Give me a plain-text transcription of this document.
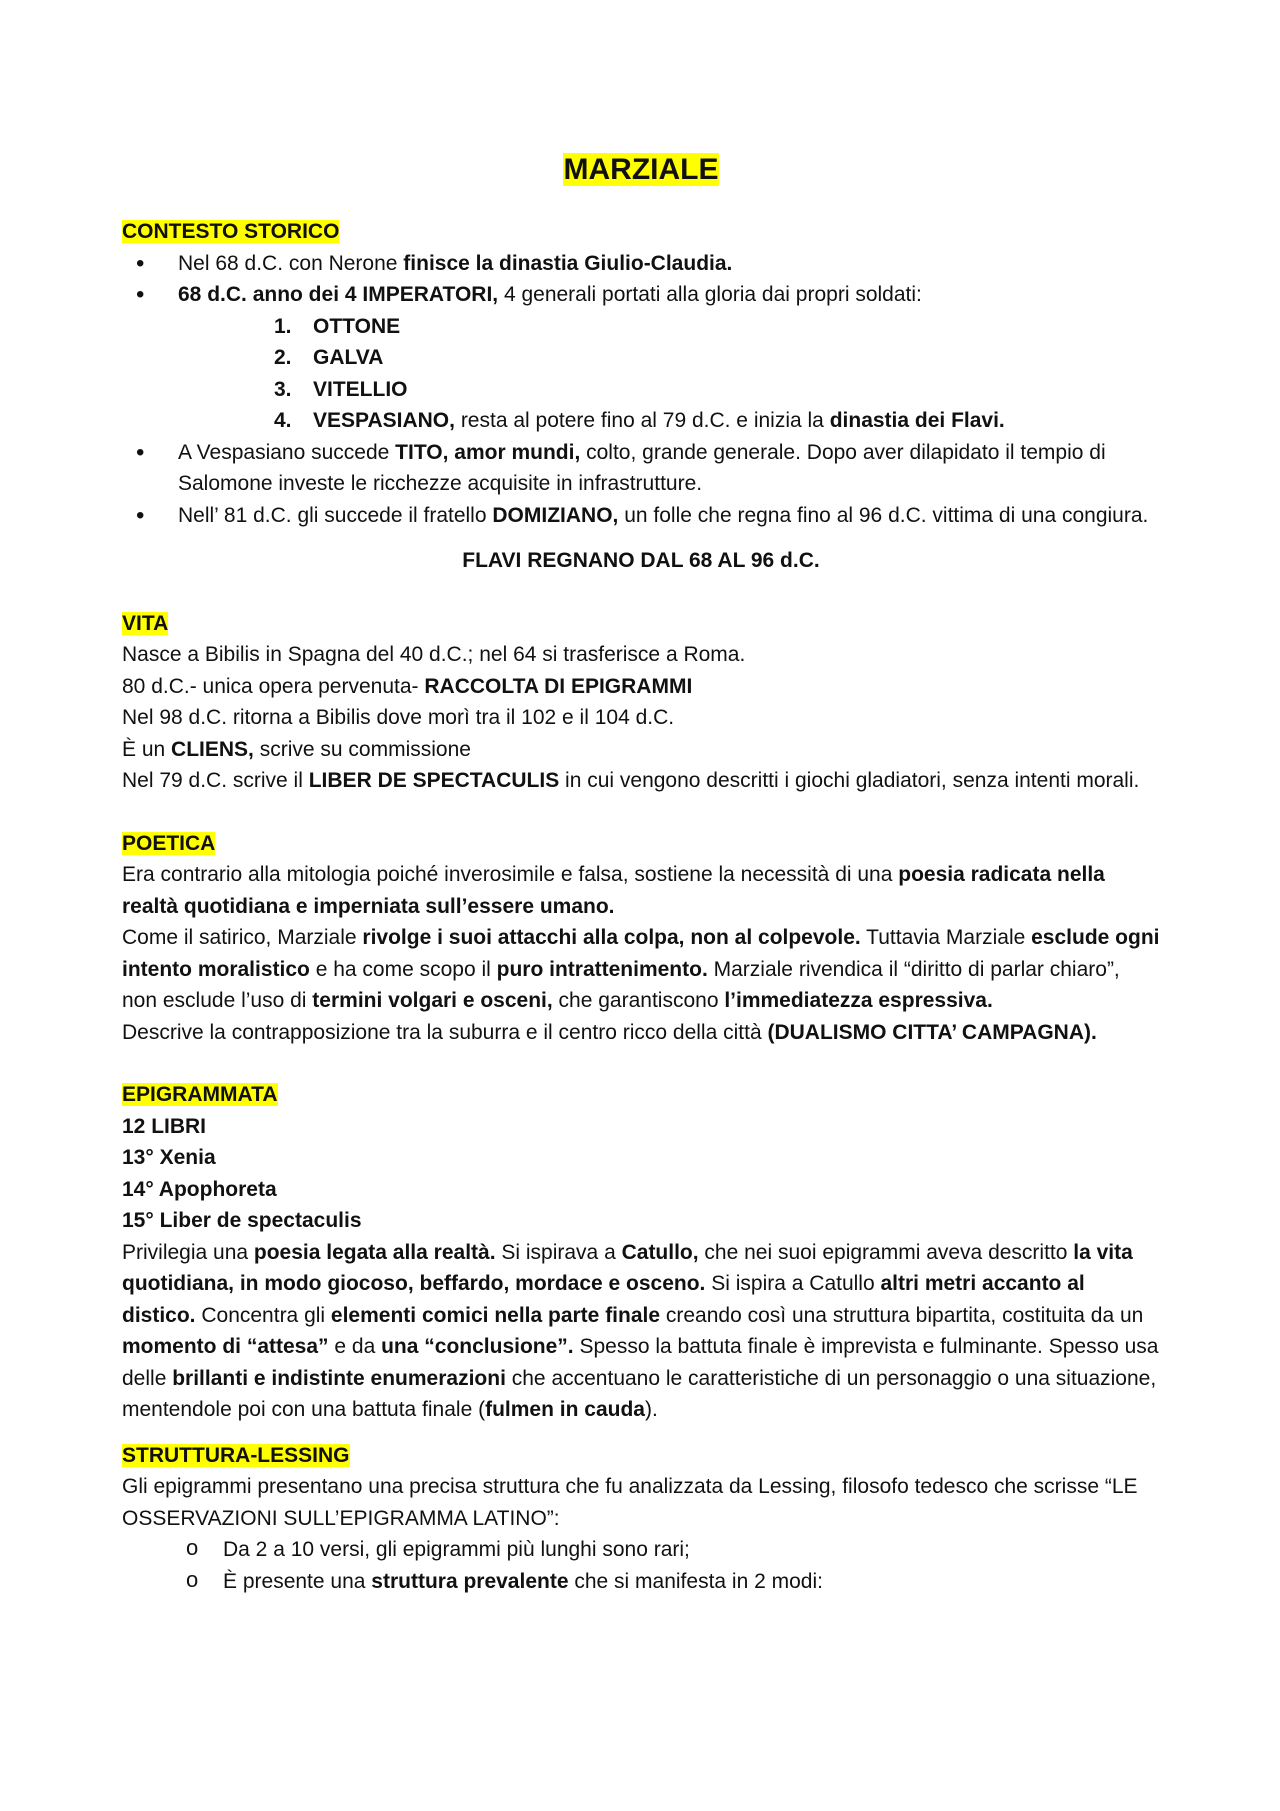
MARZIALE
CONTESTO STORICO
• Nel 68 d.C. con Nerone finisce la dinastia Giulio-Claudia.
• 68 d.C. anno dei 4 IMPERATORI, 4 generali portati alla gloria dai propri soldati:
1. OTTONE
2. GALVA
3. VITELLIO
4. VESPASIANO, resta al potere fino al 79 d.C. e inizia la dinastia dei Flavi.
• A Vespasiano succede TITO, amor mundi, colto, grande generale. Dopo aver dilapidato il tempio di Salomone investe le ricchezze acquisite in infrastrutture.
• Nell’ 81 d.C. gli succede il fratello DOMIZIANO, un folle che regna fino al 96 d.C. vittima di una congiura.

FLAVI REGNANO DAL 68 AL 96 d.C.

VITA

Nasce a Bibilis in Spagna del 40 d.C.; nel 64 si trasferisce a Roma.

80 d.C.- unica opera pervenuta- RACCOLTA DI EPIGRAMMI

Nel 98 d.C. ritorna a Bibilis dove morì tra il 102 e il 104 d.C.

È un CLIENS, scrive su commissione

Nel 79 d.C. scrive il LIBER DE SPECTACULIS in cui vengono descritti i giochi gladiatori, senza intenti morali.

POETICA

Era contrario alla mitologia poiché inverosimile e falsa, sostiene la necessità di una poesia radicata nella realtà quotidiana e imperniata sull’essere umano.

Come il satirico, Marziale rivolge i suoi attacchi alla colpa, non al colpevole. Tuttavia Marziale esclude ogni intento moralistico e ha come scopo il puro intrattenimento. Marziale rivendica il “diritto di parlar chiaro”, non esclude l’uso di termini volgari e osceni, che garantiscono l’immediatezza espressiva.

Descrive la contrapposizione tra la suburra e il centro ricco della città (DUALISMO CITTA’ CAMPAGNA).

EPIGRAMMATA

12 LIBRI

13° Xenia

14° Apophoreta

15° Liber de spectaculis

Privilegia una poesia legata alla realtà. Si ispirava a Catullo, che nei suoi epigrammi aveva descritto la vita quotidiana, in modo giocoso, beffardo, mordace e osceno. Si ispira a Catullo altri metri accanto al distico. Concentra gli elementi comici nella parte finale creando così una struttura bipartita, costituita da un momento di “attesa” e da una “conclusione”. Spesso la battuta finale è imprevista e fulminante. Spesso usa delle brillanti e indistinte enumerazioni che accentuano le caratteristiche di un personaggio o una situazione, mentendole poi con una battuta finale (fulmen in cauda).

STRUTTURA-LESSING

Gli epigrammi presentano una precisa struttura che fu analizzata da Lessing, filosofo tedesco che scrisse “LE OSSERVAZIONI SULL’EPIGRAMMA LATINO”:

o Da 2 a 10 versi, gli epigrammi più lunghi sono rari;
o È presente una struttura prevalente che si manifesta in 2 modi:
